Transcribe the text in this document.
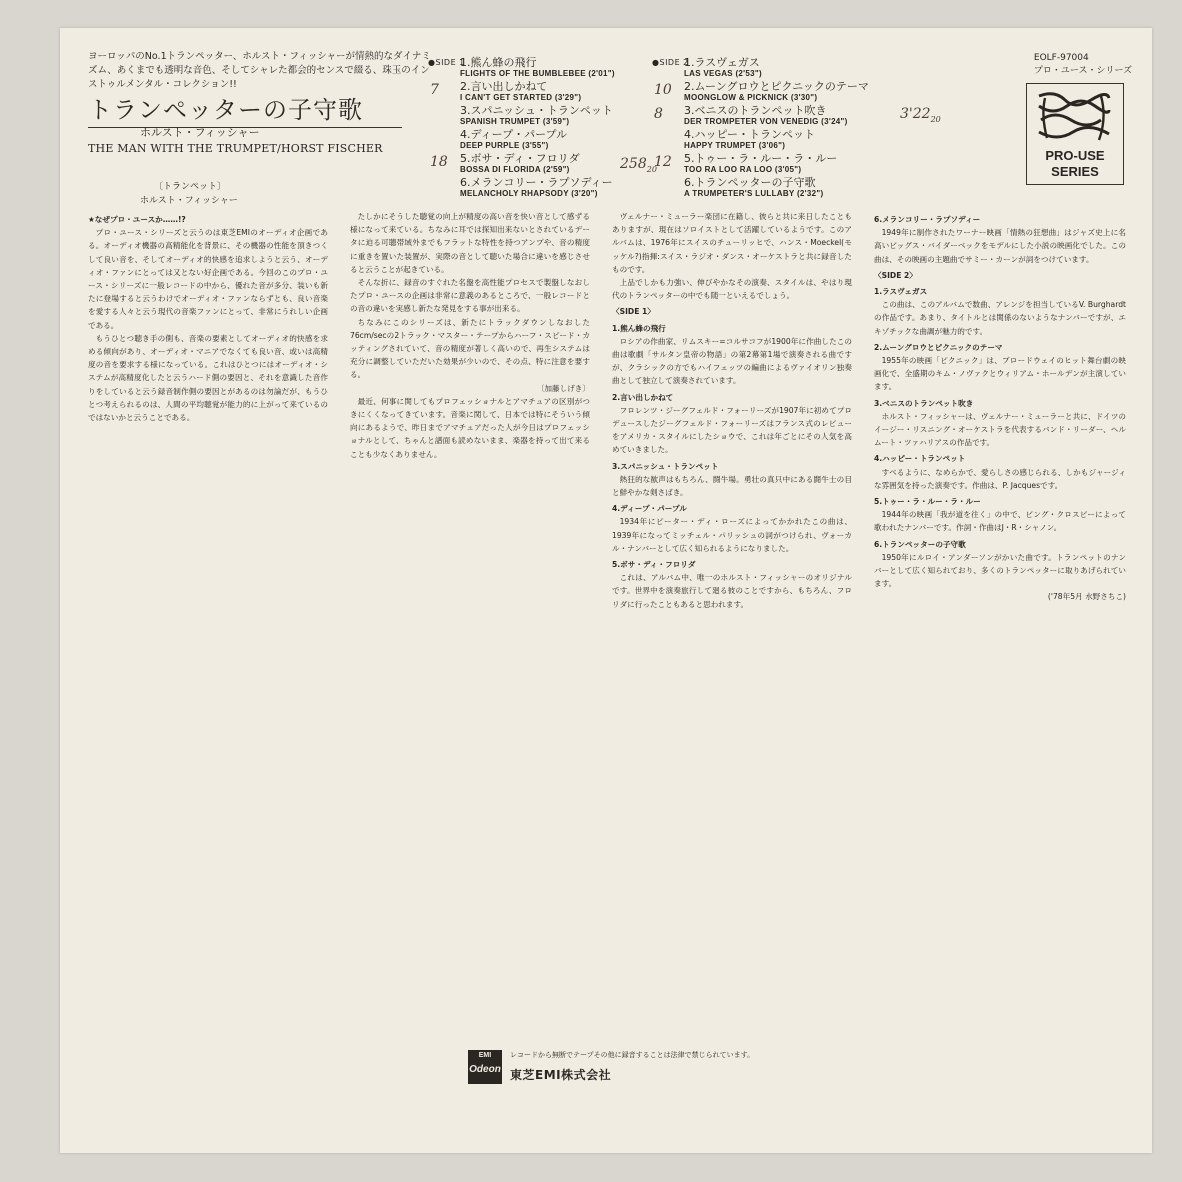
ヨーロッパのNo.1トランペッター、ホルスト・フィッシャーが情熱的なダイナミズム、あくまでも透明な音色、そしてシャレた都会的センスで綴る、珠玉のインストゥルメンタル・コレクション!!
トランペッターの子守歌
ホルスト・フィッシャー
THE MAN WITH THE TRUMPET/HORST FISCHER
〔トランペット〕
ホルスト・フィッシャー
●SIDE 1
1.熊ん蜂の飛行
FLIGHTS OF THE BUMBLEBEE (2'01")
7 2.言い出しかねて
I CAN'T GET STARTED (3'29")
3.スパニッシュ・トランペット
SPANISH TRUMPET (3'59")
4.ディープ・パープル
DEEP PURPLE (3'55")
18 5.ボサ・ディ・フロリダ
BOSSA DI FLORIDA (2'59")
6.メランコリー・ラプソディー
MELANCHOLY RHAPSODY (3'20")
●SIDE 2
1.ラスヴェガス
LAS VEGAS (2'53")
10 2.ムーングロウとピクニックのテーマ
MOONGLOW & PICKNICK (3'30")
8 3.ベニスのトランペット吹き
DER TROMPETER VON VENEDIG (3'24")
4.ハッピー・トランペット
HAPPY TRUMPET (3'06")
12 5.トゥー・ラ・ルー・ラ・ルー
TOO RA LOO RA LOO (3'05")
6.トランペッターの子守歌
A TRUMPETER'S LULLABY (2'32")
$258_{20}$
$3'22_{20}$
EOLF-97004
プロ・ユース・シリーズ
PRO-USE
SERIES

★なぜプロ・ユースか……!?

プロ・ユース・シリーズと云うのは東芝EMIのオーディオ企画である。オーディオ機器の高精能化を背景に、その機器の性能を頂きつくして良い音を、そしてオーディオ的快感を追求しようと云う、オーディオ・ファンにとっては又とない好企画である。今回のこのプロ・ユース・シリーズに一般レコードの中から、優れた音が多分、装いも新たに登場すると云うわけでオーディオ・ファンならずとも、良い音楽を愛する人々と云う現代の音楽ファンにとって、非常にうれしい企画である。

もうひとつ聴き手の側も、音楽の要素としてオーディオ的快感を求める傾向があり、オーディオ・マニアでなくても良い音、或いは高精度の音を要求する様になっている。これはひとつにはオーディオ・システムが高精度化したと云うハード側の要因と、それを意識した音作りをしていると云う録音制作側の要因とがあるのは勿論だが、もうひとつ考えられるのは、人間の平均聴覚が能力的に上がって来ているのではないかと云うことである。

たしかにそうした聴覚の向上が精度の高い音を快い音として感ずる様になって来ている。ちなみに耳では探知出来ないとされているデータに迫る可聴帯域外までもフラットな特性を持つアンプや、音の精度に重きを置いた装置が、実際の音として聴いた場合に違いを感じさせると云うことが起きている。

そんな折に、録音のすぐれた名盤を高性能プロセスで製盤しなおしたプロ・ユースの企画は非常に意義のあるところで、一般レコードとの音の違いを実感し新たな発見をする事が出来る。

ちなみにこのシリーズは、新たにトラックダウンしなおした76cm/secの2トラック・マスター・テープからハーフ・スピード・カッティングされていて、音の精度が著しく高いので、再生システムは充分に調整していただいた効果が少いので、その点、特に注意を要する。

〔加藤しげき〕

最近、何事に関してもプロフェッショナルとアマチュアの区別がつきにくくなってきています。音楽に関して、日本では特にそういう傾向にあるようで、昨日までアマチュアだった人が今日はプロフェッショナルとして、ちゃんと譜面も読めないまま、楽器を持って出て来ることも少なくありません。

ヴェルナー・ミューラー楽団に在籍し、彼らと共に来日したこともありますが、現在はソロイストとして活躍しているようです。このアルバムは、1976年にスイスのチューリッヒで、ハンス・Moeckel(モッケル?)指揮:スイス・ラジオ・ダンス・オーケストラと共に録音したものです。

上品でしかも力強い、伸びやかなその演奏、スタイルは、やはり現代のトランペッターの中でも随一といえるでしょう。

〈SIDE 1〉

1.熊ん蜂の飛行

ロシアの作曲家、リムスキー=コルサコフが1900年に作曲したこの曲は歌劇「サルタン皇帝の物語」の第2幕第1場で演奏される曲ですが、クラシックの方でもハイフェッツの編曲によるヴァイオリン独奏曲として独立して演奏されています。

2.言い出しかねて

フロレンツ・ジーグフェルド・フォーリーズが1907年に初めてプロデュースしたジーグフェルド・フォーリーズはフランス式のレビューをアメリカ・スタイルにしたショウで、これは年ごとにその人気を高めていきました。

3.スパニッシュ・トランペット

熱狂的な歓声はもちろん、闘牛場。勇壮の真只中にある闘牛士の目と鮮やかな剣さばき。

4.ディープ・パープル

1934年にピーター・ディ・ローズによってかかれたこの曲は、1939年になってミッチェル・パリッシュの詞がつけられ、ヴォーカル・ナンバーとして広く知られるようになりました。

5.ボサ・ディ・フロリダ

これは、アルバム中、唯一のホルスト・フィッシャーのオリジナルです。世界中を演奏旅行して廻る彼のことですから、もちろん、フロリダに行ったこともあると思われます。

6.メランコリー・ラプソディー

1949年に制作されたワーナー映画「情熱の狂想曲」はジャズ史上に名高いビッグス・バイダーベックをモデルにした小説の映画化でした。この曲は、その映画の主題曲でサミー・カーンが詞をつけています。

〈SIDE 2〉

1.ラスヴェガス

この曲は、このアルバムで数曲、アレンジを担当しているV. Burghardtの作品です。あまり、タイトルとは関係のないようなナンバーですが、エキゾチックな曲調が魅力的です。

2.ムーングロウとピクニックのテーマ

1955年の映画「ピクニック」は、ブロードウェイのヒット舞台劇の映画化で、全盛期のキム・ノヴァクとウィリアム・ホールデンが主演しています。

3.ベニスのトランペット吹き

ホルスト・フィッシャーは、ヴェルナー・ミューラーと共に、ドイツのイージー・リスニング・オーケストラを代表するバンド・リーダー、ヘルムート・ツァハリアスの作品です。

4.ハッピー・トランペット

すべるように、なめらかで、愛らしさの感じられる、しかもジャージィな雰囲気を持った演奏です。作曲は、P. Jacquesです。

5.トゥー・ラ・ルー・ラ・ルー

1944年の映画「我が道を往く」の中で、ビング・クロスビーによって歌われたナンバーです。作詞・作曲はJ・R・シャノン。

6.トランペッターの子守歌

1950年にルロイ・アンダーソンがかいた曲です。トランペットのナンバーとして広く知られており、多くのトランペッターに取りあげられています。

('78年5月 水野さちこ)

EMI
Odeon
レコードから無断でテープその他に録音することは法律で禁じられています。
東芝EMI株式会社
